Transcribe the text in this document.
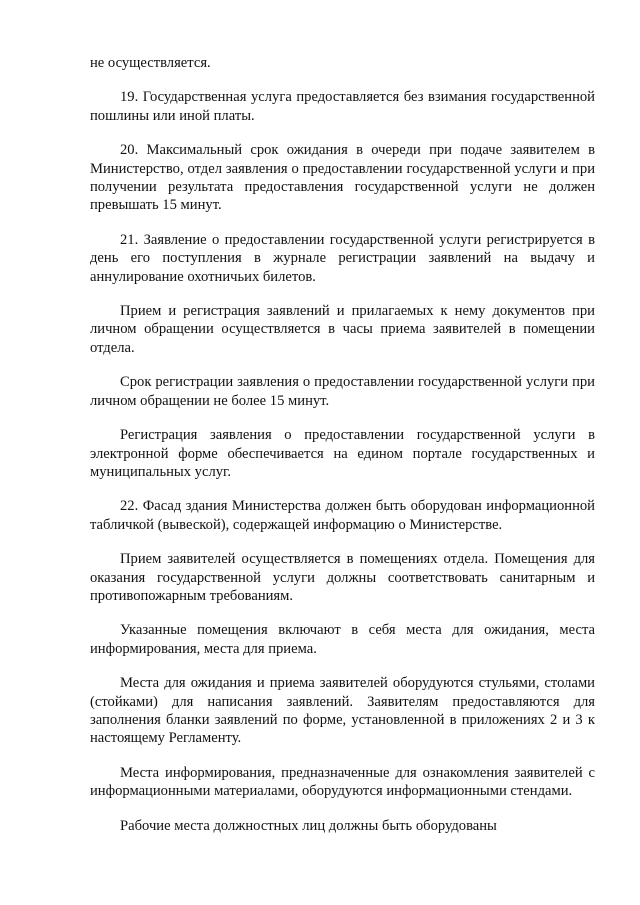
не осуществляется.

19. Государственная услуга предоставляется без взимания государственной пошлины или иной платы.

20. Максимальный срок ожидания в очереди при подаче заявителем в Министерство, отдел заявления о предоставлении государственной услуги и при получении результата предоставления государственной услуги не должен превышать 15 минут.

21. Заявление о предоставлении государственной услуги регистрируется в день его поступления в журнале регистрации заявлений на выдачу и аннулирование охотничьих билетов.

Прием и регистрация заявлений и прилагаемых к нему документов при личном обращении осуществляется в часы приема заявителей в помещении отдела.

Срок регистрации заявления о предоставлении государственной услуги при личном обращении не более 15 минут.

Регистрация заявления о предоставлении государственной услуги в электронной форме обеспечивается на едином портале государственных и муниципальных услуг.

22. Фасад здания Министерства должен быть оборудован информационной табличкой (вывеской), содержащей информацию о Министерстве.

Прием заявителей осуществляется в помещениях отдела. Помещения для оказания государственной услуги должны соответствовать санитарным и противопожарным требованиям.

Указанные помещения включают в себя места для ожидания, места информирования, места для приема.

Места для ожидания и приема заявителей оборудуются стульями, столами (стойками) для написания заявлений. Заявителям предоставляются для заполнения бланки заявлений по форме, установленной в приложениях 2 и 3 к настоящему Регламенту.

Места информирования, предназначенные для ознакомления заявителей с информационными материалами, оборудуются информационными стендами.

Рабочие места должностных лиц должны быть оборудованы
